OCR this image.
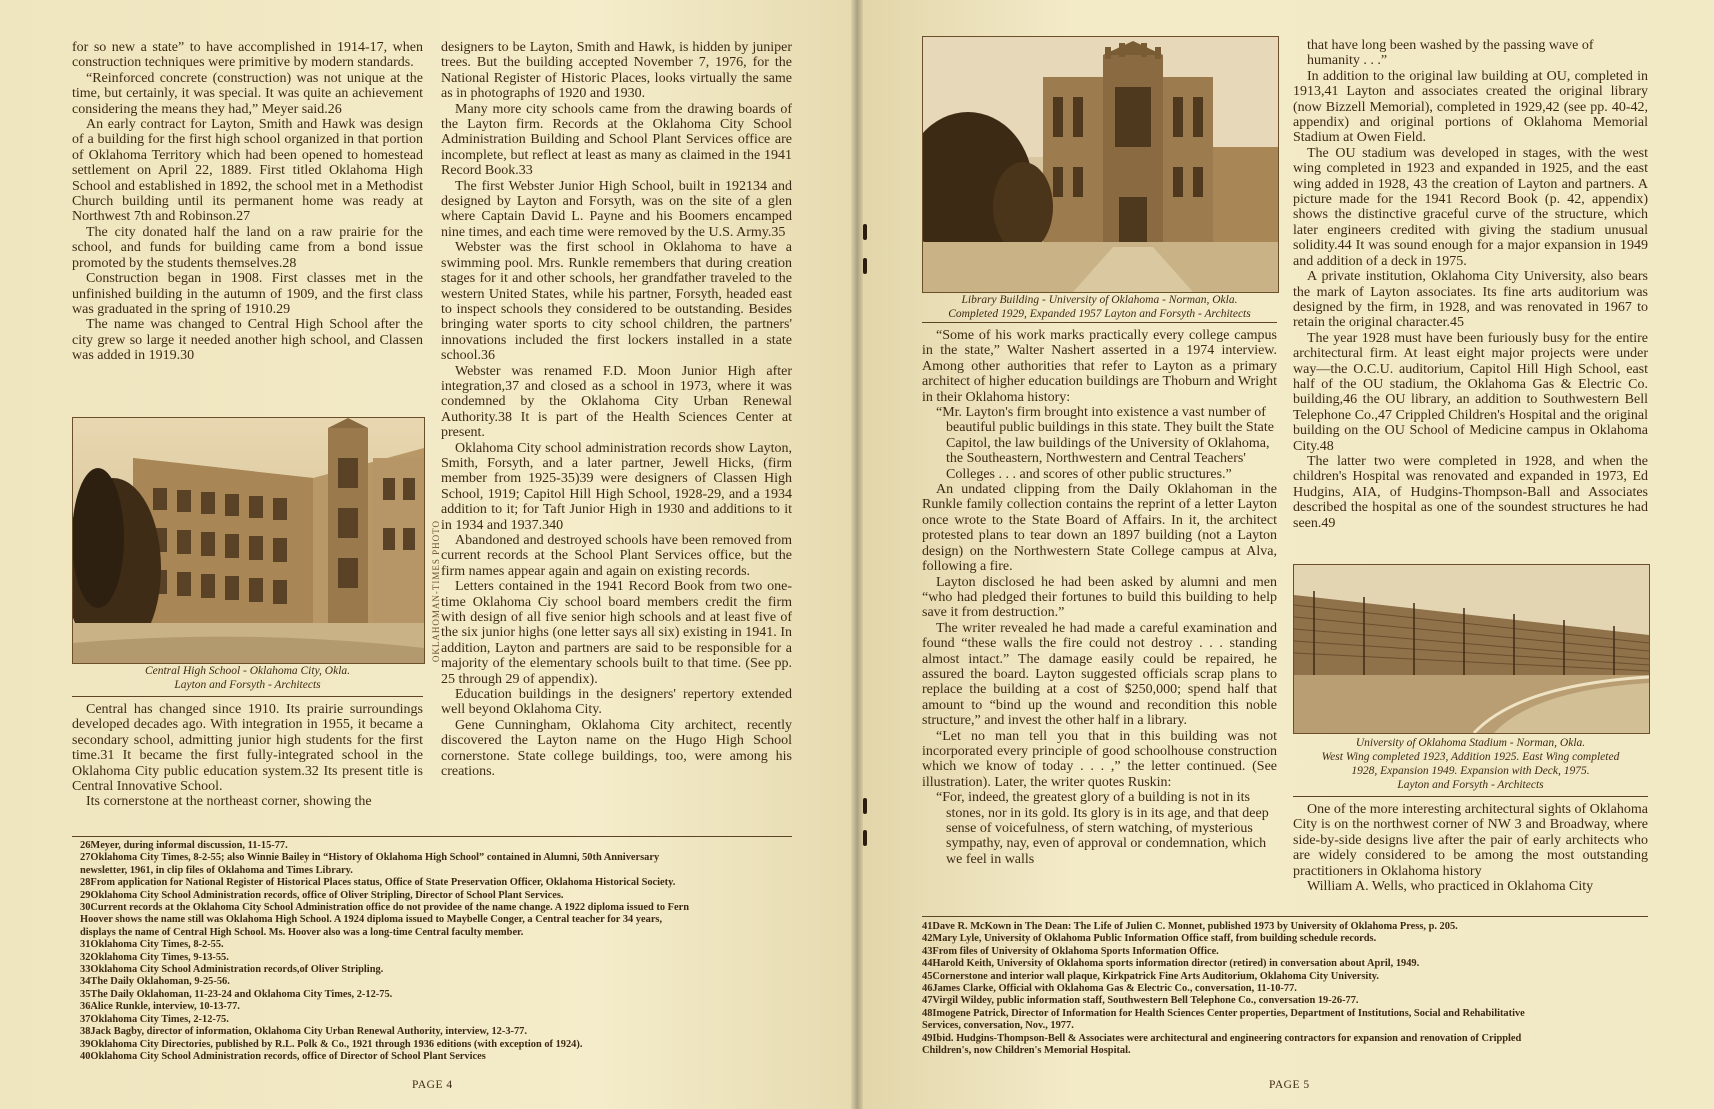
for so new a state” to have accomplished in 1914-17, when construction techniques were primitive by modern standards.

“Reinforced concrete (construction) was not unique at the time, but certainly, it was special. It was quite an achievement considering the means they had,” Meyer said.26

An early contract for Layton, Smith and Hawk was design of a building for the first high school organized in that portion of Oklahoma Territory which had been opened to homestead settlement on April 22, 1889. First titled Oklahoma High School and established in 1892, the school met in a Methodist Church building until its permanent home was ready at Northwest 7th and Robinson.27

The city donated half the land on a raw prairie for the school, and funds for building came from a bond issue promoted by the students themselves.28

Construction began in 1908. First classes met in the unfinished building in the autumn of 1909, and the first class was graduated in the spring of 1910.29

The name was changed to Central High School after the city grew so large it needed another high school, and Classen was added in 1919.30

OKLAHOMAN-TIMES PHOTO
Central High School - Oklahoma City, Okla.
Layton and Forsyth - Architects

Central has changed since 1910. Its prairie surroundings developed decades ago. With integration in 1955, it became a secondary school, admitting junior high students for the first time.31 It became the first fully-integrated school in the Oklahoma City public education system.32 Its present title is Central Innovative School.

Its cornerstone at the northeast corner, showing the

designers to be Layton, Smith and Hawk, is hidden by juniper trees. But the building accepted November 7, 1976, for the National Register of Historic Places, looks virtually the same as in photographs of 1920 and 1930.

Many more city schools came from the drawing boards of the Layton firm. Records at the Oklahoma City School Administration Building and School Plant Services office are incomplete, but reflect at least as many as claimed in the 1941 Record Book.33

The first Webster Junior High School, built in 192134 and designed by Layton and Forsyth, was on the site of a glen where Captain David L. Payne and his Boomers encamped nine times, and each time were removed by the U.S. Army.35

Webster was the first school in Oklahoma to have a swimming pool. Mrs. Runkle remembers that during creation stages for it and other schools, her grandfather traveled to the western United States, while his partner, Forsyth, headed east to inspect schools they considered to be outstanding. Besides bringing water sports to city school children, the partners' innovations included the first lockers installed in a state school.36

Webster was renamed F.D. Moon Junior High after integration,37 and closed as a school in 1973, where it was condemned by the Oklahoma City Urban Renewal Authority.38 It is part of the Health Sciences Center at present.

Oklahoma City school administration records show Layton, Smith, Forsyth, and a later partner, Jewell Hicks, (firm member from 1925-35)39 were designers of Classen High School, 1919; Capitol Hill High School, 1928-29, and a 1934 addition to it; for Taft Junior High in 1930 and additions to it in 1934 and 1937.340

Abandoned and destroyed schools have been removed from current records at the School Plant Services office, but the firm names appear again and again on existing records.

Letters contained in the 1941 Record Book from two one-time Oklahoma Ciy school board members credit the firm with design of all five senior high schools and at least five of the six junior highs (one letter says all six) existing in 1941. In addition, Layton and partners are said to be responsible for a majority of the elementary schools built to that time. (See pp. 25 through 29 of appendix).

Education buildings in the designers' repertory extended well beyond Oklahoma City.

Gene Cunningham, Oklahoma City architect, recently discovered the Layton name on the Hugo High School cornerstone. State college buildings, too, were among his creations.

26Meyer, during informal discussion, 11-15-77.
27Oklahoma City Times, 8-2-55; also Winnie Bailey in “History of Oklahoma High School” contained in Alumni, 50th Anniversary
newsletter, 1961, in clip files of Oklahoma and Times Library.
28From application for National Register of Historical Places status, Office of State Preservation Officer, Oklahoma Historical Society.
29Oklahoma City School Administration records, office of Oliver Stripling, Director of School Plant Services.
30Current records at the Oklahoma City School Administration office do not providee of the name change. A 1922 diploma issued to Fern
Hoover shows the name still was Oklahoma High School. A 1924 diploma issued to Maybelle Conger, a Central teacher for 34 years,
displays the name of Central High School. Ms. Hoover also was a long-time Central faculty member.
31Oklahoma City Times, 8-2-55.
32Oklahoma City Times, 9-13-55.
33Oklahoma City School Administration records,of Oliver Stripling.
34The Daily Oklahoman, 9-25-56.
35The Daily Oklahoman, 11-23-24 and Oklahoma City Times, 2-12-75.
36Alice Runkle, interview, 10-13-77.
37Oklahoma City Times, 2-12-75.
38Jack Bagby, director of information, Oklahoma City Urban Renewal Authority, interview, 12-3-77.
39Oklahoma City Directories, published by R.L. Polk & Co., 1921 through 1936 editions (with exception of 1924).
40Oklahoma City School Administration records, office of Director of School Plant Services
PAGE 4
Library Building - University of Oklahoma - Norman, Okla.
Completed 1929, Expanded 1957 Layton and Forsyth - Architects

“Some of his work marks practically every college campus in the state,” Walter Nashert asserted in a 1974 interview. Among other authorities that refer to Layton as a primary architect of higher education buildings are Thoburn and Wright in their Oklahoma history:

“Mr. Layton's firm brought into existence a vast number of beautiful public buildings in this state. They built the State Capitol, the law buildings of the University of Oklahoma, the Southeastern, Northwestern and Central Teachers' Colleges . . . and scores of other public structures.”

An undated clipping from the Daily Oklahoman in the Runkle family collection contains the reprint of a letter Layton once wrote to the State Board of Affairs. In it, the architect protested plans to tear down an 1897 building (not a Layton design) on the Northwestern State College campus at Alva, following a fire.

Layton disclosed he had been asked by alumni and men “who had pledged their fortunes to build this building to help save it from destruction.”

The writer revealed he had made a careful examination and found “these walls the fire could not destroy . . . standing almost intact.” The damage easily could be repaired, he assured the board. Layton suggested officials scrap plans to replace the building at a cost of $250,000; spend half that amount to “bind up the wound and recondition this noble structure,” and invest the other half in a library.

“Let no man tell you that in this building was not incorporated every principle of good schoolhouse construction which we know of today . . . ,” the letter continued. (See illustration). Later, the writer quotes Ruskin:

“For, indeed, the greatest glory of a building is not in its stones, nor in its gold. Its glory is in its age, and that deep sense of voicefulness, of stern watching, of mysterious sympathy, nay, even of approval or condemnation, which we feel in walls

that have long been washed by the passing wave of humanity . . .”

In addition to the original law building at OU, completed in 1913,41 Layton and associates created the original library (now Bizzell Memorial), completed in 1929,42 (see pp. 40-42, appendix) and original portions of Oklahoma Memorial Stadium at Owen Field.

The OU stadium was developed in stages, with the west wing completed in 1923 and expanded in 1925, and the east wing added in 1928, 43 the creation of Layton and partners. A picture made for the 1941 Record Book (p. 42, appendix) shows the distinctive graceful curve of the structure, which later engineers credited with giving the stadium unusual solidity.44 It was sound enough for a major expansion in 1949 and addition of a deck in 1975.

A private institution, Oklahoma City University, also bears the mark of Layton associates. Its fine arts auditorium was designed by the firm, in 1928, and was renovated in 1967 to retain the original character.45

The year 1928 must have been furiously busy for the entire architectural firm. At least eight major projects were under way—the O.C.U. auditorium, Capitol Hill High School, east half of the OU stadium, the Oklahoma Gas & Electric Co. building,46 the OU library, an addition to Southwestern Bell Telephone Co.,47 Crippled Children's Hospital and the original building on the OU School of Medicine campus in Oklahoma City.48

The latter two were completed in 1928, and when the children's Hospital was renovated and expanded in 1973, Ed Hudgins, AIA, of Hudgins-Thompson-Ball and Associates described the hospital as one of the soundest structures he had seen.49

University of Oklahoma Stadium - Norman, Okla.
West Wing completed 1923, Addition 1925. East Wing completed
1928, Expansion 1949. Expansion with Deck, 1975.
Layton and Forsyth - Architects

One of the more interesting architectural sights of Oklahoma City is on the northwest corner of NW 3 and Broadway, where side-by-side designs live after the pair of early architects who are widely considered to be among the most outstanding practitioners in Oklahoma history

William A. Wells, who practiced in Oklahoma City

41Dave R. McKown in The Dean: The Life of Julien C. Monnet, published 1973 by University of Oklahoma Press, p. 205.
42Mary Lyle, University of Oklahoma Public Information Office staff, from building schedule records.
43From files of University of Oklahoma Sports Information Office.
44Harold Keith, University of Oklahoma sports information director (retired) in conversation about April, 1949.
45Cornerstone and interior wall plaque, Kirkpatrick Fine Arts Auditorium, Oklahoma City University.
46James Clarke, Official with Oklahoma Gas & Electric Co., conversation, 11-10-77.
47Virgil Wildey, public information staff, Southwestern Bell Telephone Co., conversation 19-26-77.
48Imogene Patrick, Director of Information for Health Sciences Center properties, Department of Institutions, Social and Rehabilitative
Services, conversation, Nov., 1977.
49Ibid. Hudgins-Thompson-Bell & Associates were architectural and engineering contractors for expansion and renovation of Crippled
Children's, now Children's Memorial Hospital.
PAGE 5
